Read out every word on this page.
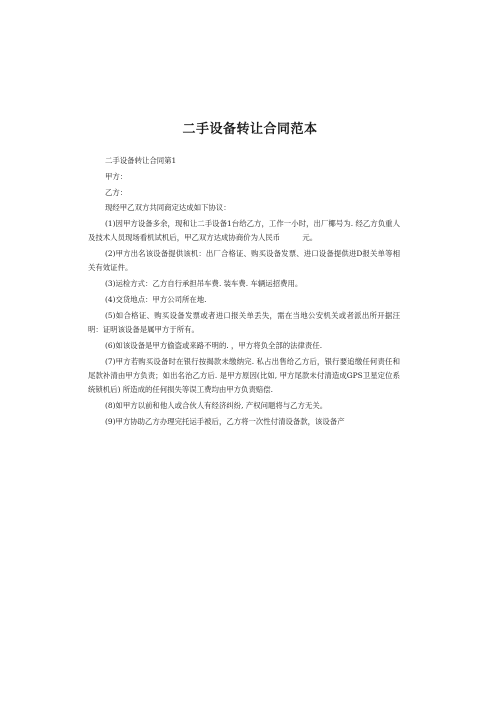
二手设备转让合同范本

二手设备转让合同第1

甲方：

乙方：

现经甲乙双方共同商定达成如下协议：

(1)因甲方设备多余，现和让二手设备1台给乙方，工作一小时，出厂椰号为. 经乙方负重人及技术人员现场看机试机后，甲乙双方达成协商价为人民币　　　元。

(2)甲方出名该设备提供该机：出厂合格证、购买设备发票、进口设备提供进D报关单等相关有效证件。

(3)运检方式：乙方自行承担吊车费. 装车费. 车辆运招费用。

(4)交货地点：甲方公司所在地.

(5)如合格证、购买设备发票或者进口报关单丢失，需在当地公安机关或者派出所开据汪明：证明该设备是属甲方于所有。

(6)如该设备是甲方偷盗或来路不明的. ，甲方将负全部的法律责任.

(7)甲方若购买设备时在银行按揭款未缴纳完. 私占出售给乙方后，银行要追缴任何责任和尾款补清由甲方负责；如出名治乙方后. 是甲方原因(比如, 甲方尾款未付清造成GPS卫星定位系统锁机后) 所造成的任何损失等误工费均由甲方负责赔偿.

(8)如甲方以前和他人或合伙人有经济纠纷, 产权问题将与乙方无关。

(9)甲方协助乙方办理完托运手被后，乙方将一次性付清设备款，该设备产
